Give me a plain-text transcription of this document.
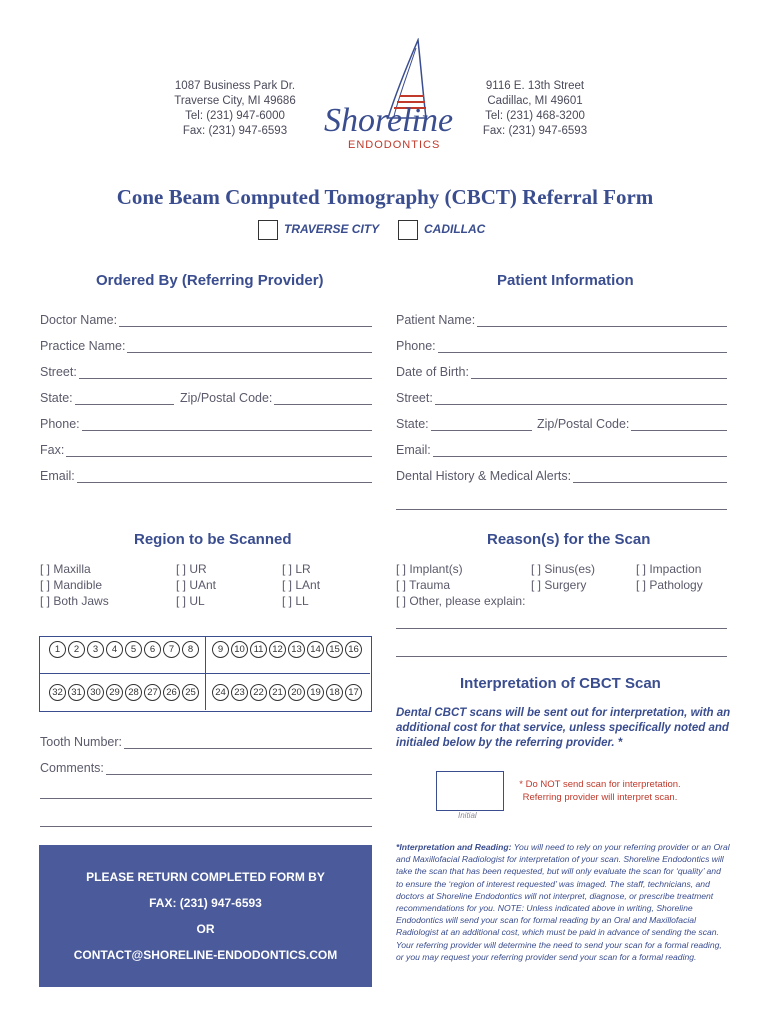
1087 Business Park Dr.
Traverse City, MI 49686
Tel: (231) 947-6000
Fax: (231) 947-6593	Shoreline
ENDODONTICS
9116 E. 13th Street
Cadillac, MI 49601
Tel: (231) 468-3200
Fax: (231) 947-6593
Cone Beam Computed Tomography (CBCT) Referral Form
TRAVERSE CITY	CADILLAC
Ordered By (Referring Provider)	Patient Information
Doctor Name:
Practice Name:
Street:
State:	Zip/Postal Code:
Phone:
Fax:
Email:
Patient Name:
Phone:
Date of Birth:
Street:
State:	Zip/Postal Code:
Email:
Dental History & Medical Alerts:
Region to be Scanned	Reason(s) for the Scan
[ ] Maxilla
[ ] Mandible
[ ] Both Jaws
[ ] UR
[ ] UAnt
[ ] UL
[ ] LR
[ ] LAnt
[ ] LL
[ ] Implant(s)
[ ] Trauma
[ ] Other, please explain:
[ ] Sinus(es)
[ ] Surgery
[ ] Impaction
[ ] Pathology
1	2	3	4	5	6	7	8	9	10 11 12 13 14 15 16
32 31 30 29 28 27 26 25	24 23 22 21 20 19 18 17
Tooth Number:
Comments:
Interpretation of CBCT Scan
Dental CBCT scans will be sent out for interpretation, with an additional cost for that service, unless specifically noted and initialed below by the referring provider. *
Initial
* Do NOT send scan for interpretation.
Referring provider will interpret scan.
PLEASE RETURN COMPLETED FORM BY
FAX: (231) 947-6593
OR
CONTACT@SHORELINE-ENDODONTICS.COM
*Interpretation and Reading: You will need to rely on your referring provider or an Oral and Maxillofacial Radiologist for interpretation of your scan. Shoreline Endodontics will take the scan that has been requested, but will only evaluate the scan for ‘quality’ and to ensure the ‘region of interest requested’ was imaged. The staff, technicians, and doctors at Shoreline Endodontics will not interpret, diagnose, or prescribe treatment recommendations for you. NOTE: Unless indicated above in writing, Shoreline Endodontics will send your scan for formal reading by an Oral and Maxillofacial Radiologist at an additional cost, which must be paid in advance of sending the scan. Your referring provider will determine the need to send your scan for a formal reading, or you may request your referring provider send your scan for a formal reading.
